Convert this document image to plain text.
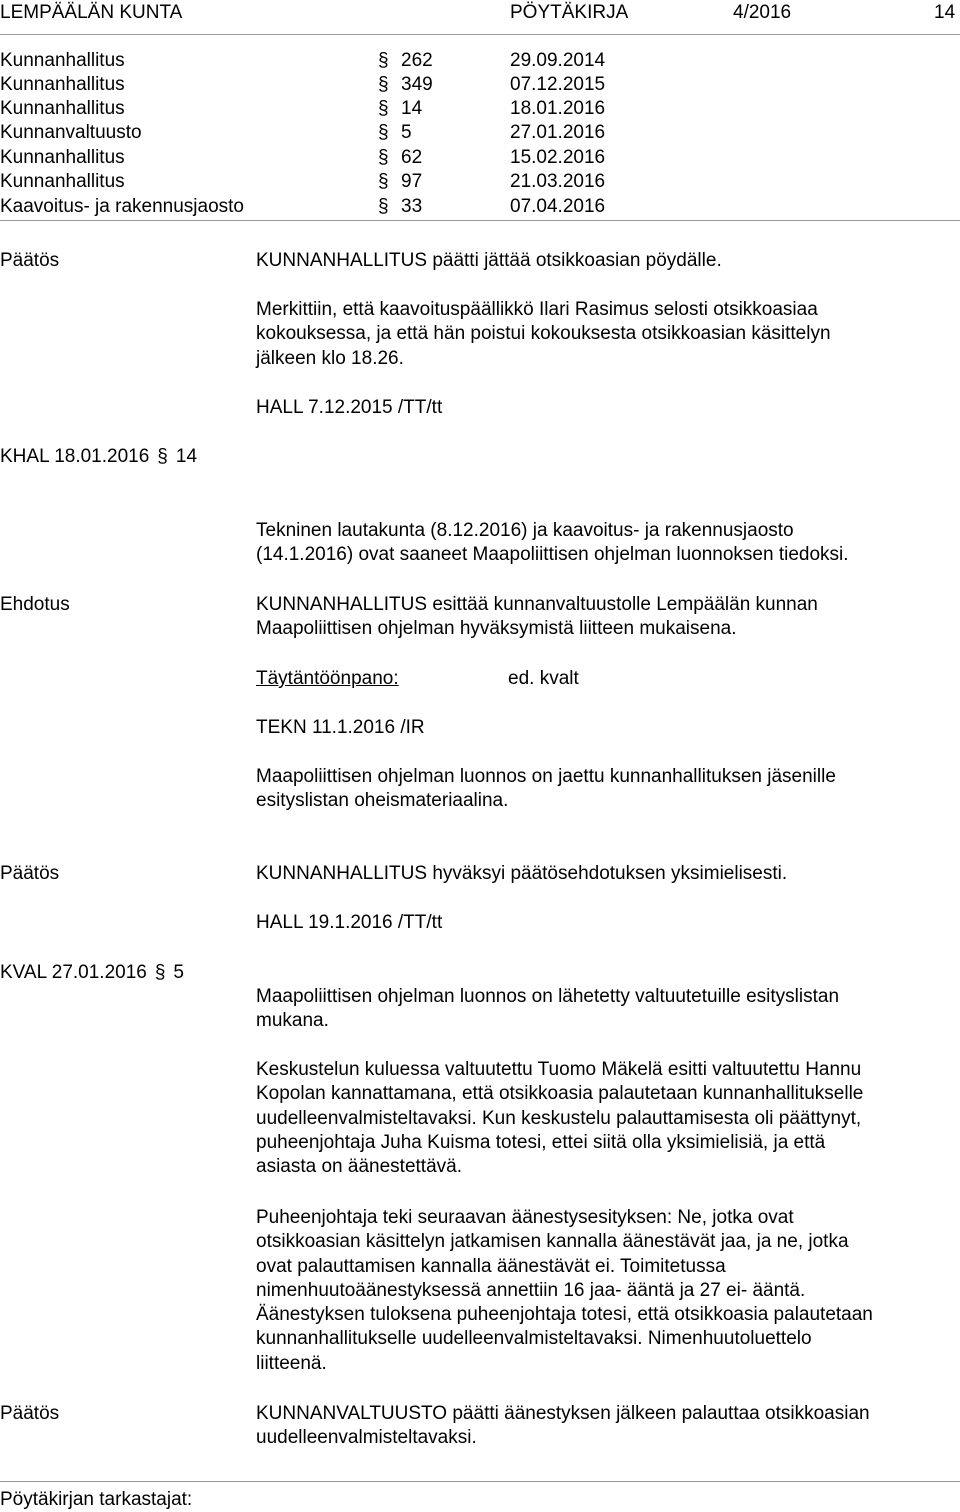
LEMPÄÄLÄN KUNTA	PÖYTÄKIRJA	4/2016	14
Kunnanhallitus	§ 262	29.09.2014
Kunnanhallitus	§ 349	07.12.2015
Kunnanhallitus	§ 14	18.01.2016
Kunnanvaltuusto	§ 5	27.01.2016
Kunnanhallitus	§ 62	15.02.2016
Kunnanhallitus	§ 97	21.03.2016
Kaavoitus- ja rakennusjaosto	§ 33	07.04.2016
Päätös	KUNNANHALLITUS päätti jättää otsikkoasian pöydälle.
Merkittiin, että kaavoituspäällikkö Ilari Rasimus selosti otsikkoasiaa
kokouksessa, ja että hän poistui kokouksesta otsikkoasian käsittelyn
jälkeen klo 18.26.
HALL 7.12.2015 /TT/tt
KHAL 18.01.2016 § 14
Tekninen lautakunta (8.12.2016) ja kaavoitus- ja rakennusjaosto
(14.1.2016) ovat saaneet Maapoliittisen ohjelman luonnoksen tiedoksi.
Ehdotus	KUNNANHALLITUS esittää kunnanvaltuustolle Lempäälän kunnan
Maapoliittisen ohjelman hyväksymistä liitteen mukaisena.
Täytäntöönpano:	ed. kvalt
TEKN 11.1.2016 /IR
Maapoliittisen ohjelman luonnos on jaettu kunnanhallituksen jäsenille
esityslistan oheismateriaalina.
Päätös	KUNNANHALLITUS hyväksyi päätösehdotuksen yksimielisesti.
HALL 19.1.2016 /TT/tt
KVAL 27.01.2016 § 5
Maapoliittisen ohjelman luonnos on lähetetty valtuutetuille esityslistan
mukana.
Keskustelun kuluessa valtuutettu Tuomo Mäkelä esitti valtuutettu Hannu
Kopolan kannattamana, että otsikkoasia palautetaan kunnanhallitukselle
uudelleenvalmisteltavaksi. Kun keskustelu palauttamisesta oli päättynyt,
puheenjohtaja Juha Kuisma totesi, ettei siitä olla yksimielisiä, ja että
asiasta on äänestettävä.
Puheenjohtaja teki seuraavan äänestysesityksen: Ne, jotka ovat
otsikkoasian käsittelyn jatkamisen kannalla äänestävät jaa, ja ne, jotka
ovat palauttamisen kannalla äänestävät ei. Toimitetussa
nimenhuutoäänestyksessä annettiin 16 jaa- ääntä ja 27 ei- ääntä.
Äänestyksen tuloksena puheenjohtaja totesi, että otsikkoasia palautetaan
kunnanhallitukselle uudelleenvalmisteltavaksi. Nimenhuutoluettelo
liitteenä.
Päätös	KUNNANVALTUUSTO päätti äänestyksen jälkeen palauttaa otsikkoasian
uudelleenvalmisteltavaksi.
Pöytäkirjan tarkastajat:
